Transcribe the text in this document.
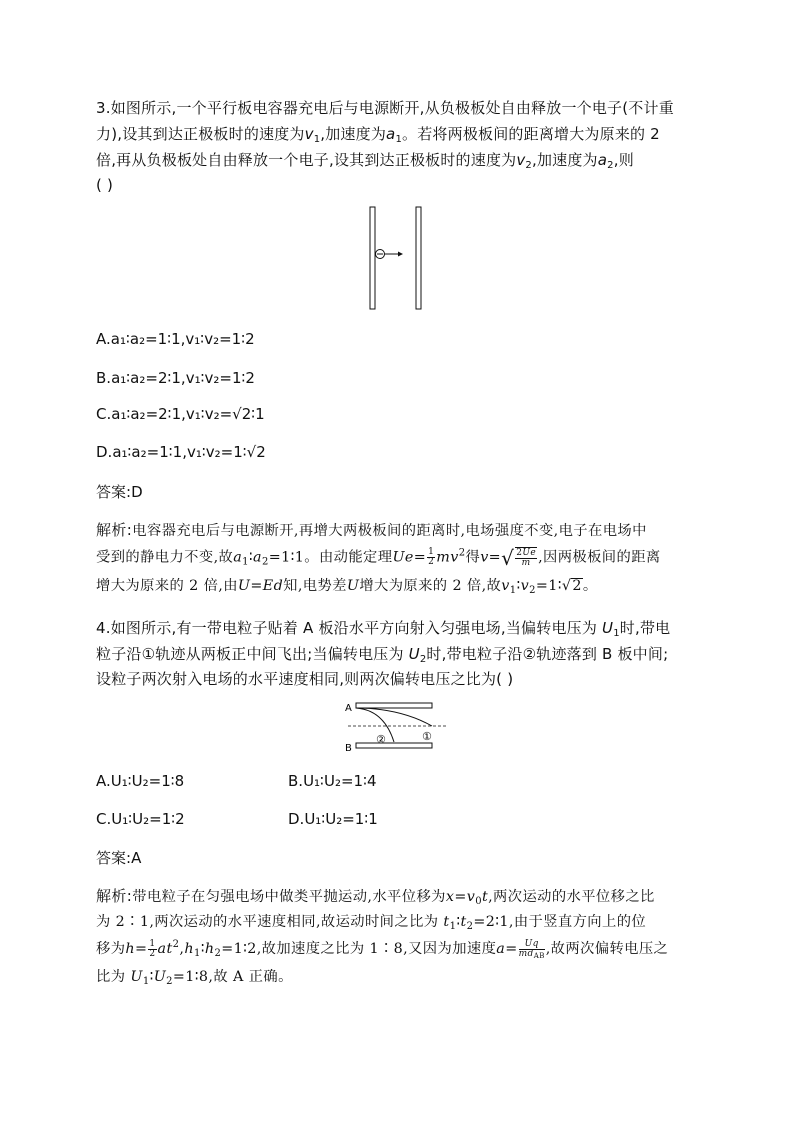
3.如图所示,一个平行板电容器充电后与电源断开,从负极板处自由释放一个电子(不计重
力),设其到达正极板时的速度为$v_1$,加速度为$a_1$。若将两极板间的距离增大为原来的 2
倍,再从负极板处自由释放一个电子,设其到达正极板时的速度为$v_2$,加速度为$a_2$,则
( )
A.a₁∶a₂=1∶1,v₁∶v₂=1∶2
B.a₁∶a₂=2∶1,v₁∶v₂=1∶2
C.a₁∶a₂=2∶1,v₁∶v₂=√2∶1
D.a₁∶a₂=1∶1,v₁∶v₂=1∶√2
答案:D
解析:电容器充电后与电源断开,再增大两极板间的距离时,电场强度不变,电子在电场中
受到的静电力不变,故$a_1∶a_2=1∶1$。由动能定理$Ue= \frac{1}{2} mv^2$得v= √ $\frac{2Ue}{m}$ ,因两极板间的距离
增大为原来的 2 倍,由U=Ed知,电势差U增大为原来的 2 倍,故$v_1∶v_2=1∶√2$。
4.如图所示,有一带电粒子贴着 A 板沿水平方向射入匀强电场,当偏转电压为 $U_1$时,带电
粒子沿①轨迹从两板正中间飞出;当偏转电压为 $U_2$时,带电粒子沿②轨迹落到 B 板中间;
设粒子两次射入电场的水平速度相同,则两次偏转电压之比为( )
A
①
②
B
A.U₁∶U₂=1∶8	B.U₁∶U₂=1∶4
C.U₁∶U₂=1∶2	D.U₁∶U₂=1∶1
答案:A
解析:带电粒子在匀强电场中做类平抛运动,水平位移为$x=v_0t$,两次运动的水平位移之比
为 2∶1,两次运动的水平速度相同,故运动时间之比为 $t_1∶t_2=2∶1$,由于竖直方向上的位
移为$h= \frac{1}{2}$ $at^2,h_1∶h_2=1∶2$,故加速度之比为 1∶8,又因为加速度$a= \frac{Uq}{md_{AB}}$ ,故两次偏转电压之
比为 $U_1∶U_2=1∶8$,故 A 正确。
